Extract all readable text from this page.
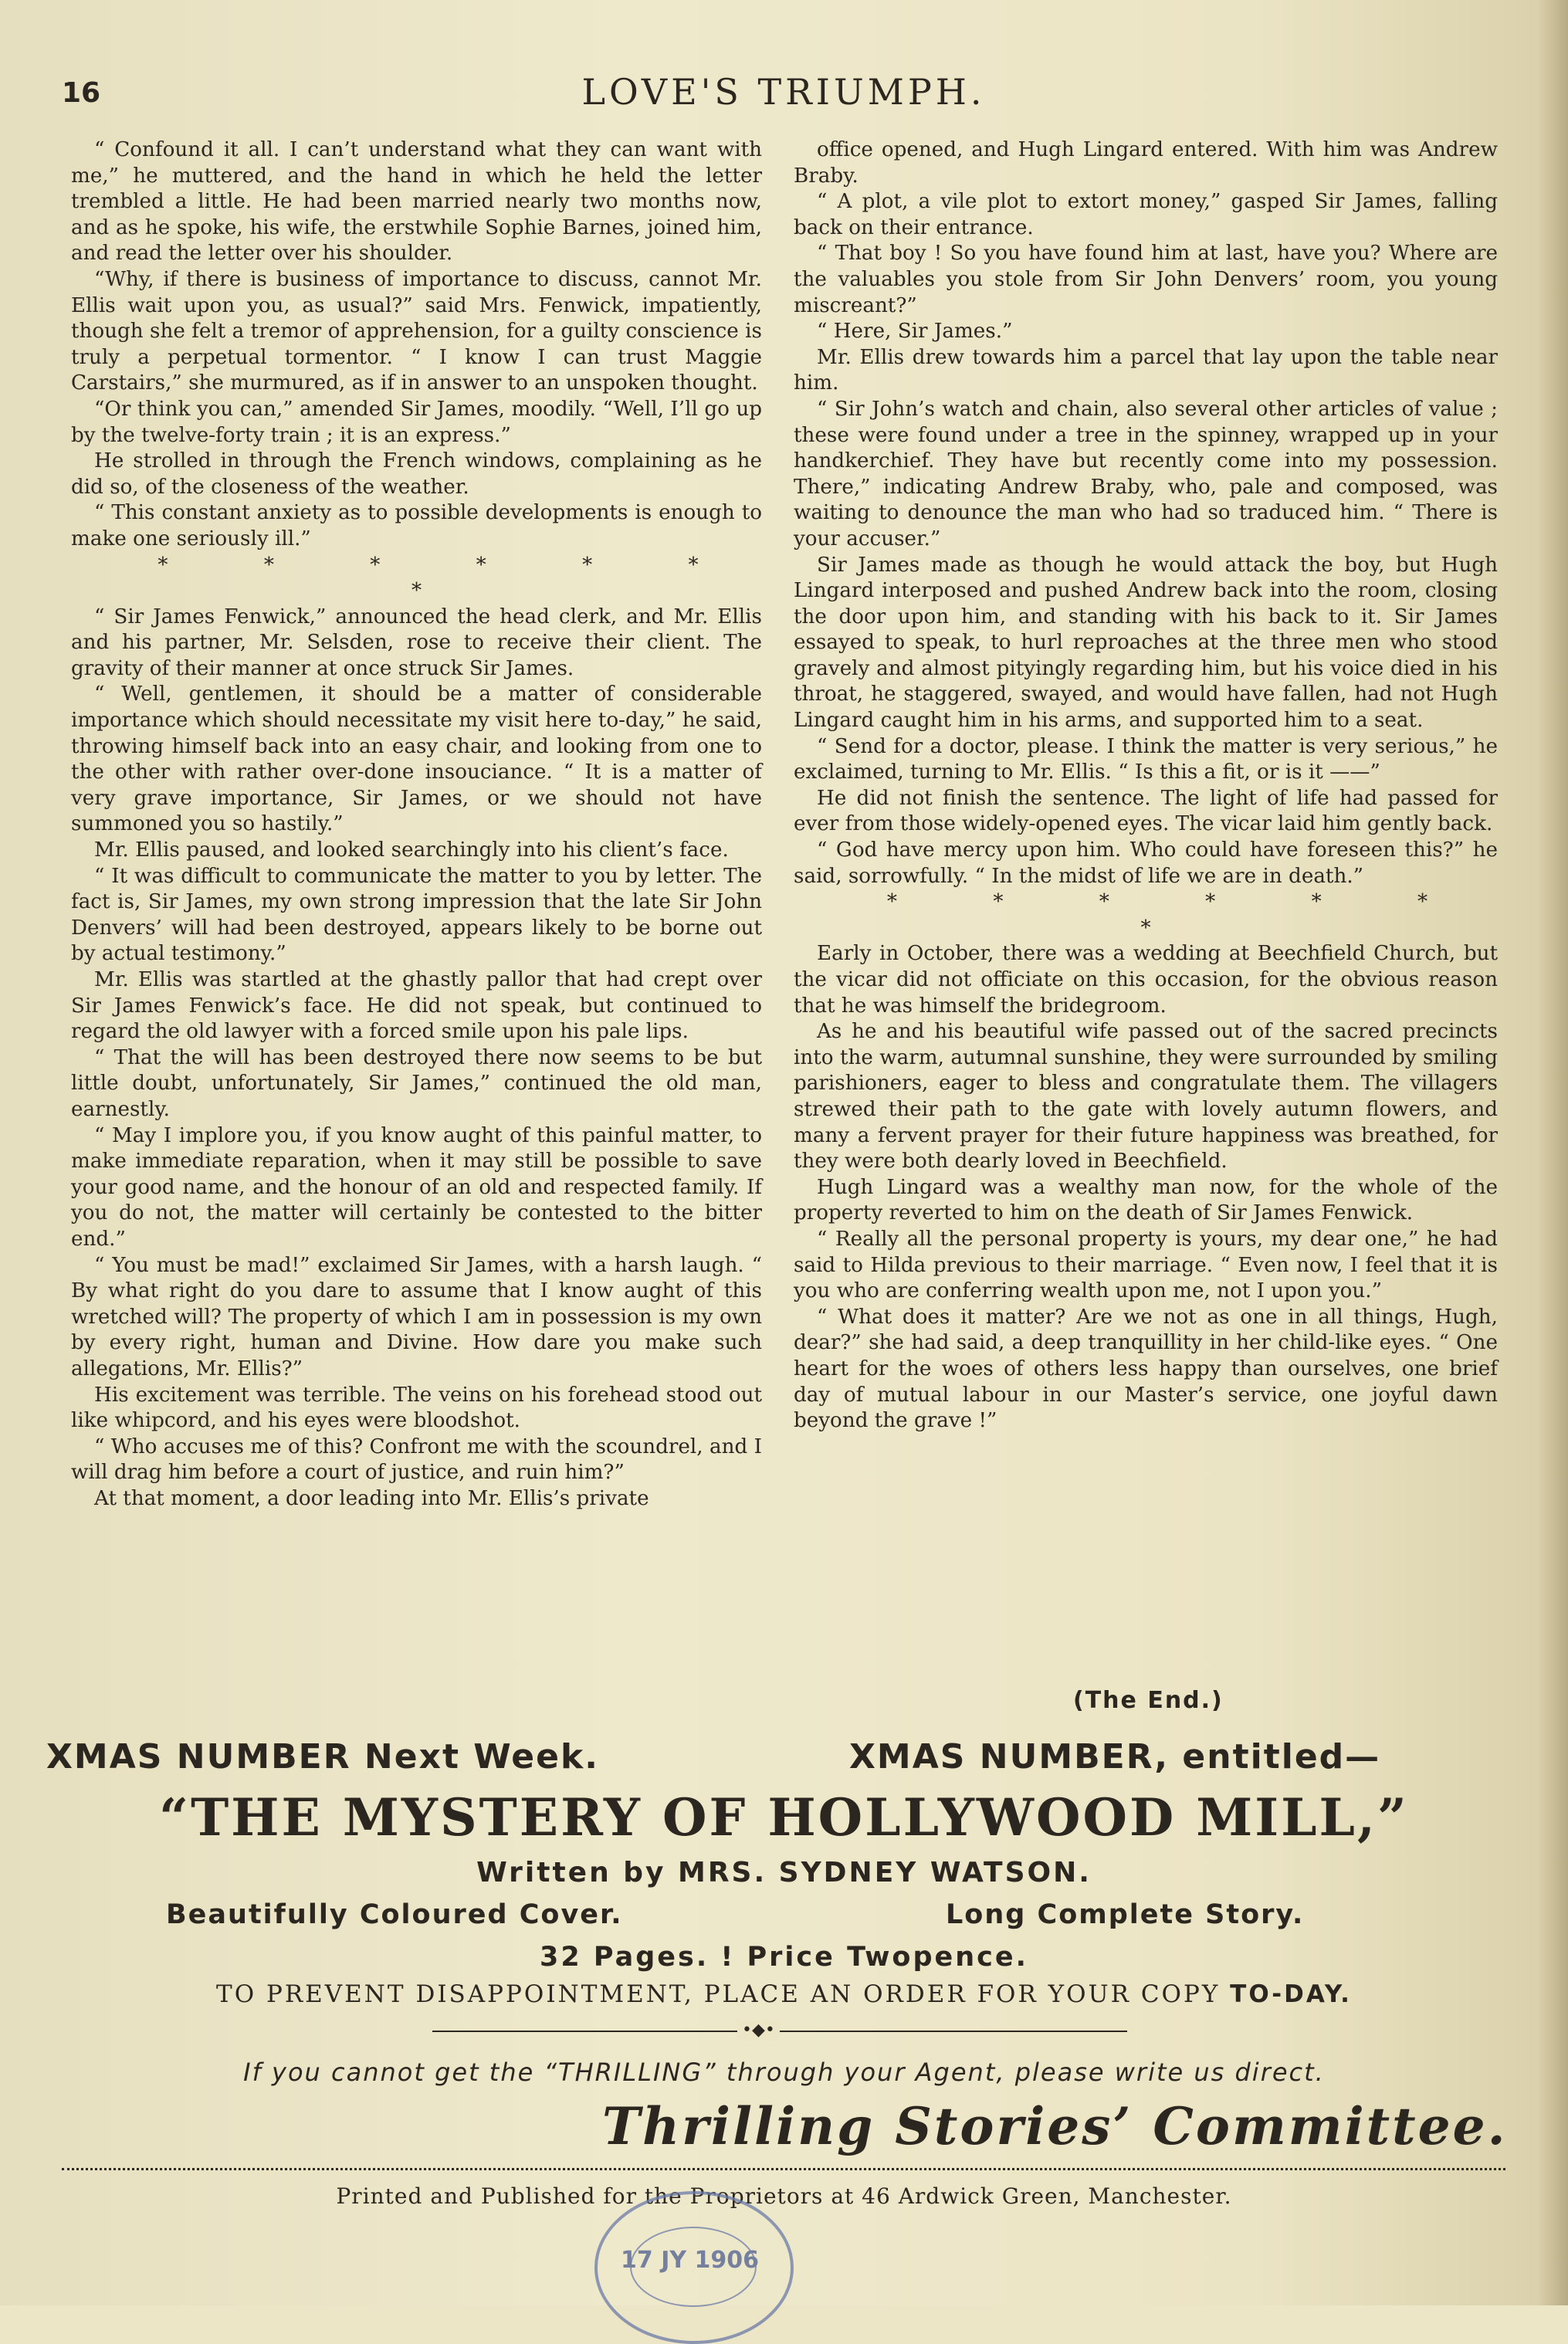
16	LOVE'S TRIUMPH.

“ Confound it all. I can’t understand what they can want with me,” he muttered, and the hand in which he held the letter trembled a little. He had been married nearly two months now, and as he spoke, his wife, the erstwhile Sophie Barnes, joined him, and read the letter over his shoulder.

“Why, if there is business of importance to discuss, cannot Mr. Ellis wait upon you, as usual?” said Mrs. Fenwick, impatiently, though she felt a tremor of apprehension, for a guilty conscience is truly a perpetual tormentor. “ I know I can trust Maggie Carstairs,” she murmured, as if in answer to an unspoken thought.

“Or think you can,” amended Sir James, moodily. “Well, I’ll go up by the twelve-forty train ; it is an express.”

He strolled in through the French windows, complaining as he did so, of the closeness of the weather.

“ This constant anxiety as to possible developments is enough to make one seriously ill.”

* * * * * * *

“ Sir James Fenwick,” announced the head clerk, and Mr. Ellis and his partner, Mr. Selsden, rose to receive their client. The gravity of their manner at once struck Sir James.

“ Well, gentlemen, it should be a matter of considerable importance which should necessitate my visit here to-day,” he said, throwing himself back into an easy chair, and looking from one to the other with rather over-done insouciance. “ It is a matter of very grave importance, Sir James, or we should not have summoned you so hastily.”

Mr. Ellis paused, and looked searchingly into his client’s face.

“ It was difficult to communicate the matter to you by letter. The fact is, Sir James, my own strong impression that the late Sir John Denvers’ will had been destroyed, appears likely to be borne out by actual testimony.”

Mr. Ellis was startled at the ghastly pallor that had crept over Sir James Fenwick’s face. He did not speak, but continued to regard the old lawyer with a forced smile upon his pale lips.

“ That the will has been destroyed there now seems to be but little doubt, unfortunately, Sir James,” continued the old man, earnestly.

“ May I implore you, if you know aught of this painful matter, to make immediate reparation, when it may still be possible to save your good name, and the honour of an old and respected family. If you do not, the matter will certainly be contested to the bitter end.”

“ You must be mad!” exclaimed Sir James, with a harsh laugh. “ By what right do you dare to assume that I know aught of this wretched will? The property of which I am in possession is my own by every right, human and Divine. How dare you make such allegations, Mr. Ellis?”

His excitement was terrible. The veins on his forehead stood out like whipcord, and his eyes were bloodshot.

“ Who accuses me of this? Confront me with the scoundrel, and I will drag him before a court of justice, and ruin him?”

At that moment, a door leading into Mr. Ellis’s private

office opened, and Hugh Lingard entered. With him was Andrew Braby.

“ A plot, a vile plot to extort money,” gasped Sir James, falling back on their entrance.

“ That boy ! So you have found him at last, have you? Where are the valuables you stole from Sir John Denvers’ room, you young miscreant?”

“ Here, Sir James.”

Mr. Ellis drew towards him a parcel that lay upon the table near him.

“ Sir John’s watch and chain, also several other articles of value ; these were found under a tree in the spinney, wrapped up in your handkerchief. They have but recently come into my possession. There,” indicating Andrew Braby, who, pale and composed, was waiting to denounce the man who had so traduced him. “ There is your accuser.”

Sir James made as though he would attack the boy, but Hugh Lingard interposed and pushed Andrew back into the room, closing the door upon him, and standing with his back to it. Sir James essayed to speak, to hurl reproaches at the three men who stood gravely and almost pityingly regarding him, but his voice died in his throat, he staggered, swayed, and would have fallen, had not Hugh Lingard caught him in his arms, and supported him to a seat.

“ Send for a doctor, please. I think the matter is very serious,” he exclaimed, turning to Mr. Ellis. “ Is this a fit, or is it ——”

He did not finish the sentence. The light of life had passed for ever from those widely-opened eyes. The vicar laid him gently back.

“ God have mercy upon him. Who could have foreseen this?” he said, sorrowfully. “ In the midst of life we are in death.”

* * * * * * *

Early in October, there was a wedding at Beechfield Church, but the vicar did not officiate on this occasion, for the obvious reason that he was himself the bridegroom.

As he and his beautiful wife passed out of the sacred precincts into the warm, autumnal sunshine, they were surrounded by smiling parishioners, eager to bless and congratulate them. The villagers strewed their path to the gate with lovely autumn flowers, and many a fervent prayer for their future happiness was breathed, for they were both dearly loved in Beechfield.

Hugh Lingard was a wealthy man now, for the whole of the property reverted to him on the death of Sir James Fenwick.

“ Really all the personal property is yours, my dear one,” he had said to Hilda previous to their marriage. “ Even now, I feel that it is you who are conferring wealth upon me, not I upon you.”

“ What does it matter? Are we not as one in all things, Hugh, dear?” she had said, a deep tranquillity in her child-like eyes. “ One heart for the woes of others less happy than ourselves, one brief day of mutual labour in our Master’s service, one joyful dawn beyond the grave !”

(The End.)
XMAS NUMBER Next Week.	XMAS NUMBER, entitled—
“THE MYSTERY OF HOLLYWOOD MILL,”
Written by MRS. SYDNEY WATSON.
Beautifully Coloured Cover.	Long Complete Story.
32 Pages. ! Price Twopence.
TO PREVENT DISAPPOINTMENT, PLACE AN ORDER FOR YOUR COPY TO-DAY.
•◆•
If you cannot get the “THRILLING” through your Agent, please write us direct.
Thrilling Stories’ Committee.
Printed and Published for the Proprietors at 46 Ardwick Green, Manchester.
17 JY 1906
